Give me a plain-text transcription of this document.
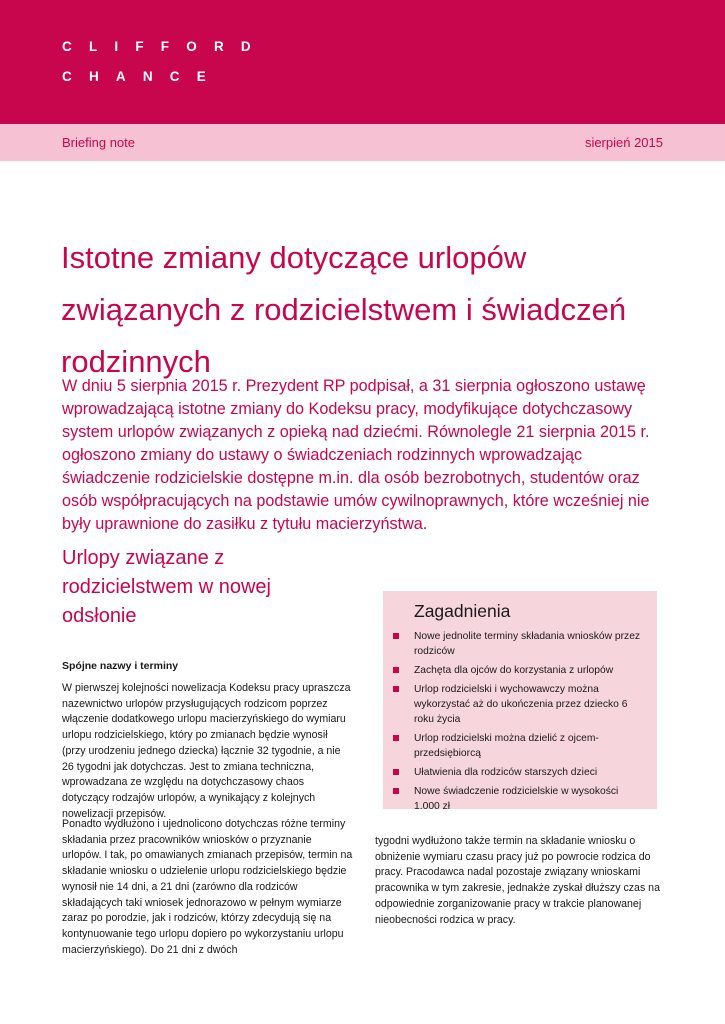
CLIFFORD
CHANCE
Briefing note	sierpień 2015
Istotne zmiany dotyczące urlopów związanych z rodzicielstwem i świadczeń rodzinnych

W dniu 5 sierpnia 2015 r. Prezydent RP podpisał, a 31 sierpnia ogłoszono ustawę wprowadzającą istotne zmiany do Kodeksu pracy, modyfikujące dotychczasowy system urlopów związanych z opieką nad dziećmi. Równolegle 21 sierpnia 2015 r. ogłoszono zmiany do ustawy o świadczeniach rodzinnych wprowadzając świadczenie rodzicielskie dostępne m.in. dla osób bezrobotnych, studentów oraz osób współpracujących na podstawie umów cywilnoprawnych, które wcześniej nie były uprawnione do zasiłku z tytułu macierzyństwa.

Urlopy związane z rodzicielstwem w nowej odsłonie	Zagadnienia
Nowe jednolite terminy składania wniosków przez rodziców
Zachęta dla ojców do korzystania z urlopów
Urlop rodzicielski i wychowawczy można wykorzystać aż do ukończenia przez dziecko 6 roku życia
Urlop rodzicielski można dzielić z ojcem-przedsiębiorcą
Ułatwienia dla rodziców starszych dzieci
Nowe świadczenie rodzicielskie w wysokości 1.000 zł
Spójne nazwy i terminy

W pierwszej kolejności nowelizacja Kodeksu pracy upraszcza nazewnictwo urlopów przysługujących rodzicom poprzez włączenie dodatkowego urlopu macierzyńskiego do wymiaru urlopu rodzicielskiego, który po zmianach będzie wynosił (przy urodzeniu jednego dziecka) łącznie 32 tygodnie, a nie 26 tygodni jak dotychczas. Jest to zmiana techniczna, wprowadzana ze względu na dotychczasowy chaos dotyczący rodzajów urlopów, a wynikający z kolejnych nowelizacji przepisów.

Ponadto wydłużono i ujednolicono dotychczas różne terminy składania przez pracowników wniosków o przyznanie urlopów. I tak, po omawianych zmianach przepisów, termin na składanie wniosku o udzielenie urlopu rodzicielskiego będzie wynosił nie 14 dni, a 21 dni (zarówno dla rodziców składających taki wniosek jednorazowo w pełnym wymiarze zaraz po porodzie, jak i rodziców, którzy zdecydują się na kontynuowanie tego urlopu dopiero po wykorzystaniu urlopu macierzyńskiego). Do 21 dni z dwóch

tygodni wydłużono także termin na składanie wniosku o obniżenie wymiaru czasu pracy już po powrocie rodzica do pracy. Pracodawca nadal pozostaje związany wnioskami pracownika w tym zakresie, jednakże zyskał dłuższy czas na odpowiednie zorganizowanie pracy w trakcie planowanej nieobecności rodzica w pracy.
